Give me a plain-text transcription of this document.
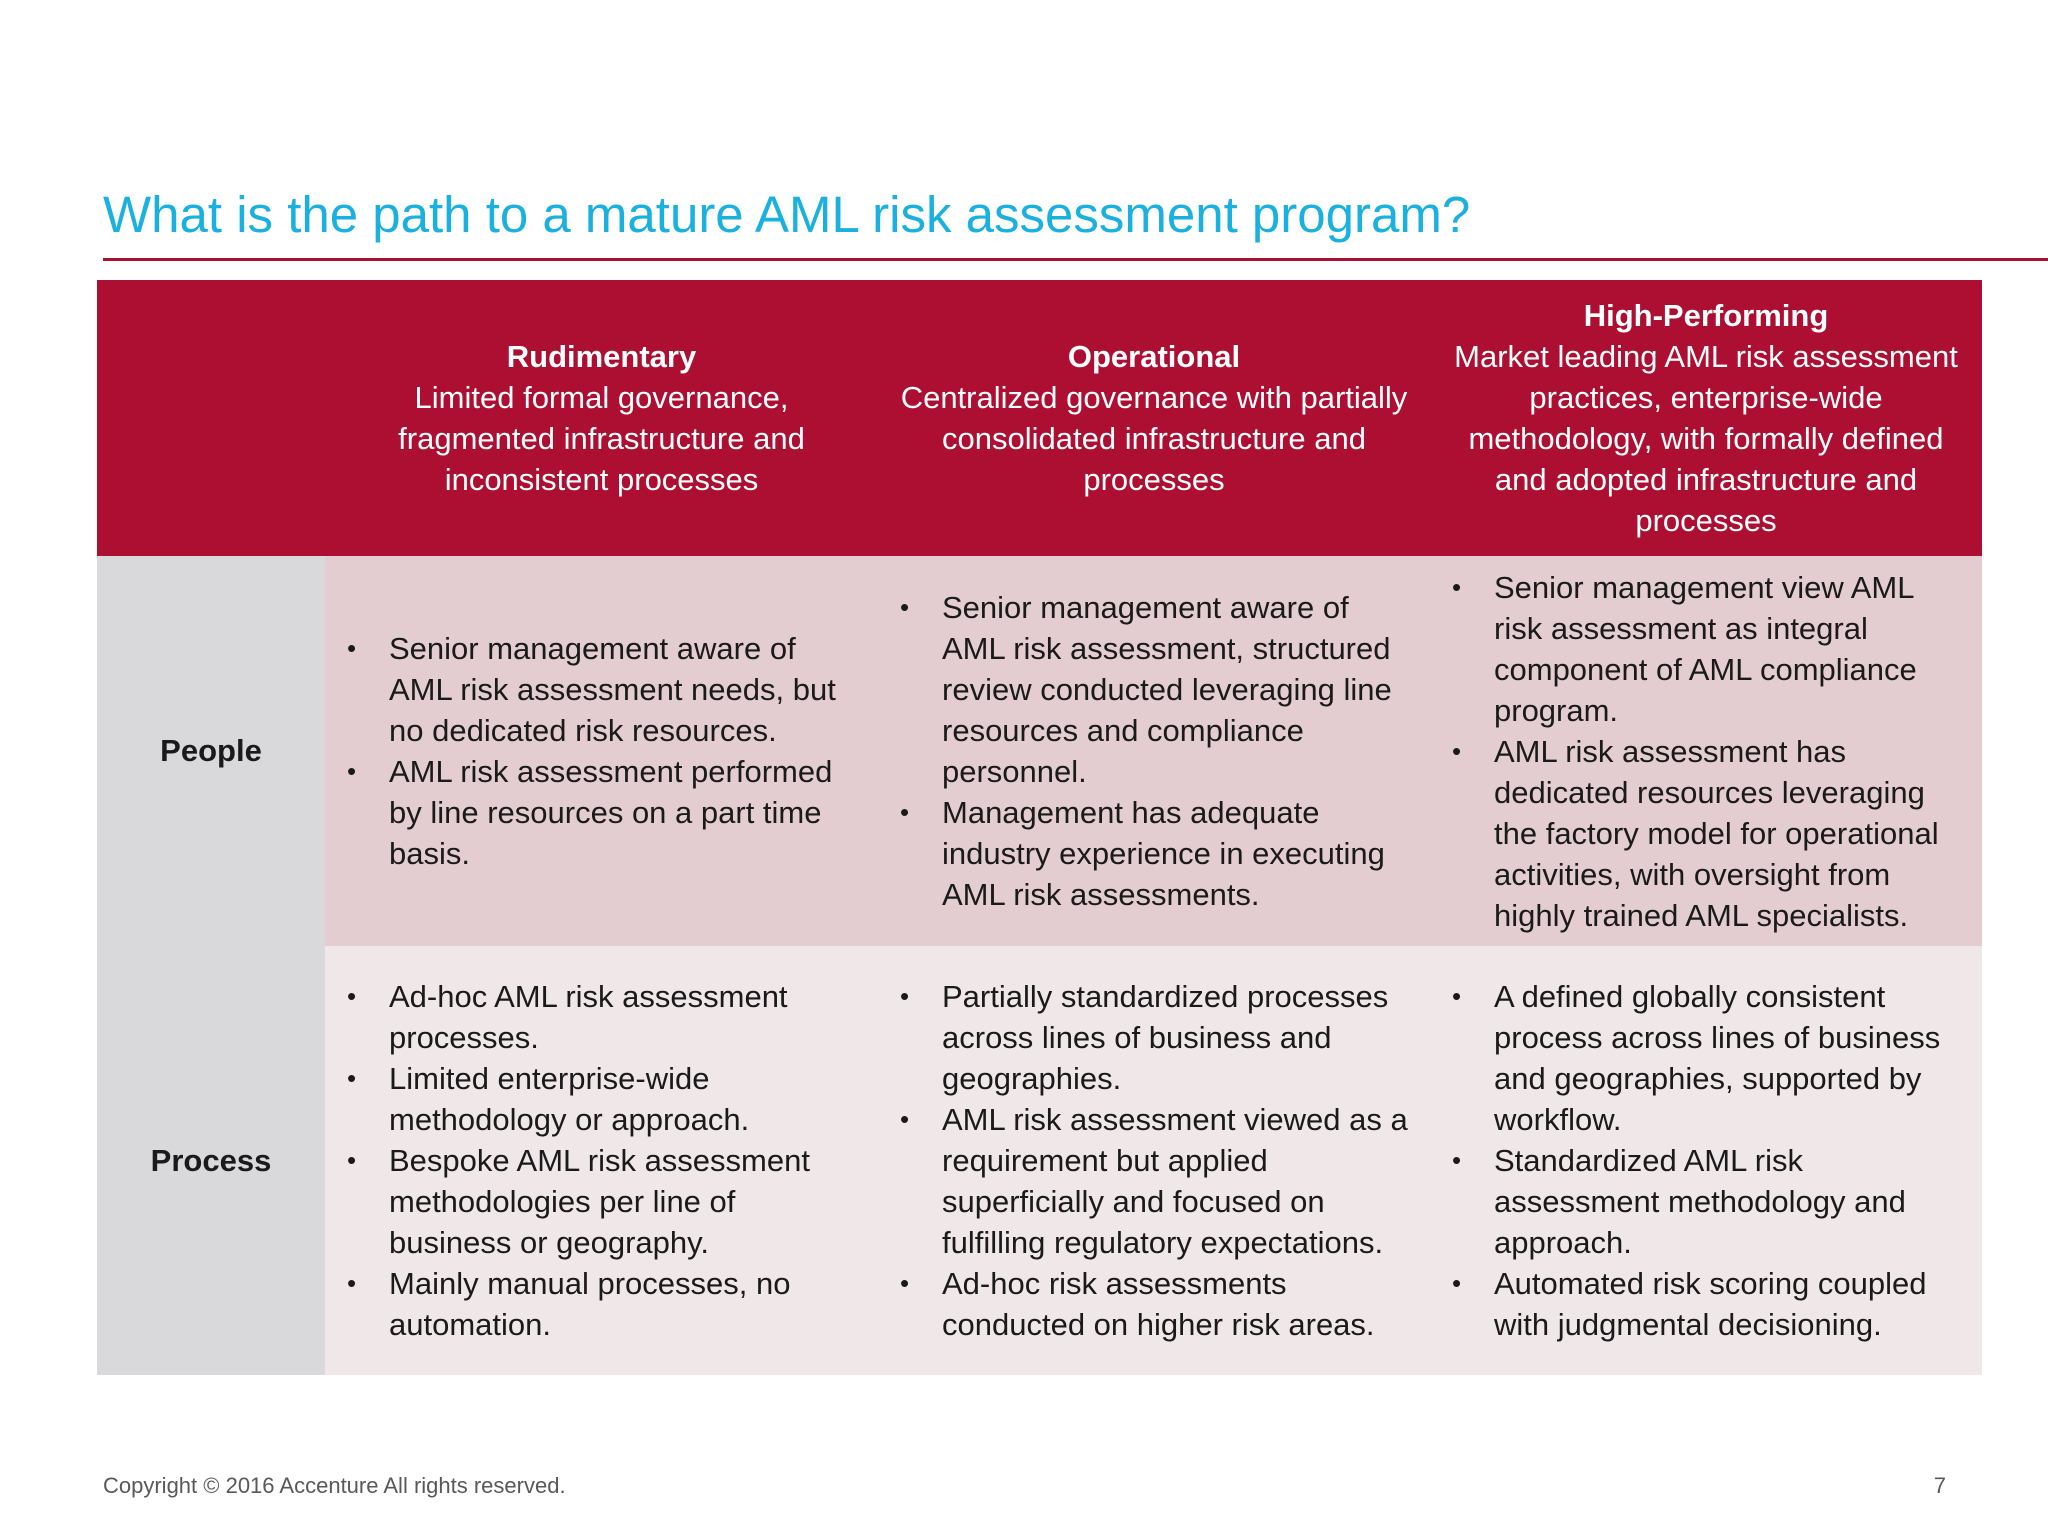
What is the path to a mature AML risk assessment program?
Rudimentary
Limited formal governance, fragmented infrastructure and inconsistent processes
Operational
Centralized governance with partially consolidated infrastructure and processes
High-Performing
Market leading AML risk assessment practices, enterprise-wide methodology, with formally defined and adopted infrastructure and processes
People
• Senior management aware of AML risk assessment needs, but no dedicated risk resources.
• AML risk assessment performed by line resources on a part time basis.
• Senior management aware of AML risk assessment, structured review conducted leveraging line resources and compliance personnel.
• Management has adequate industry experience in executing AML risk assessments.
• Senior management view AML risk assessment as integral component of AML compliance program.
• AML risk assessment has dedicated resources leveraging the factory model for operational activities, with oversight from highly trained AML specialists.
Process
• Ad-hoc AML risk assessment processes.
• Limited enterprise-wide methodology or approach.
• Bespoke AML risk assessment methodologies per line of business or geography.
• Mainly manual processes, no automation.
• Partially standardized processes across lines of business and geographies.
• AML risk assessment viewed as a requirement but applied superficially and focused on fulfilling regulatory expectations.
• Ad-hoc risk assessments conducted on higher risk areas.
• A defined globally consistent process across lines of business and geographies, supported by workflow.
• Standardized AML risk assessment methodology and approach.
• Automated risk scoring coupled with judgmental decisioning.
Copyright © 2016 Accenture All rights reserved.	7
